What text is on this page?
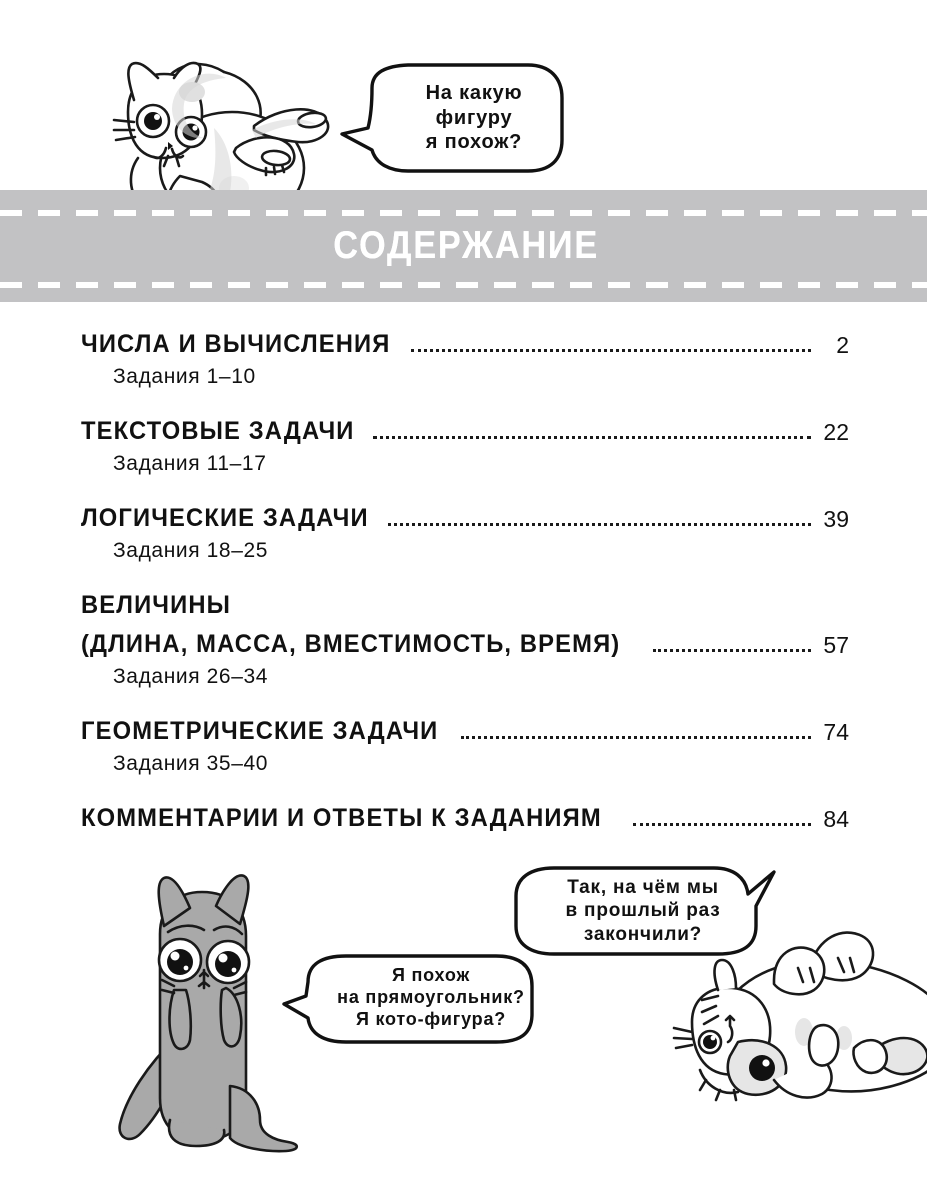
На какую
фигуру
я похож?
СОДЕРЖАНИЕ
ЧИСЛА И ВЫЧИСЛЕНИЯ	2
Задания 1–10
ТЕКСТОВЫЕ ЗАДАЧИ	22
Задания 11–17
ЛОГИЧЕСКИЕ ЗАДАЧИ	39
Задания 18–25
ВЕЛИЧИНЫ
(ДЛИНА, МАССА, ВМЕСТИМОСТЬ, ВРЕМЯ)	57
Задания 26–34
ГЕОМЕТРИЧЕСКИЕ ЗАДАЧИ	74
Задания 35–40
КОММЕНТАРИИ И ОТВЕТЫ К ЗАДАНИЯМ	84
Так, на чём мы
в прошлый раз
закончили?
Я похож
на прямоугольник?
Я кото-фигура?
